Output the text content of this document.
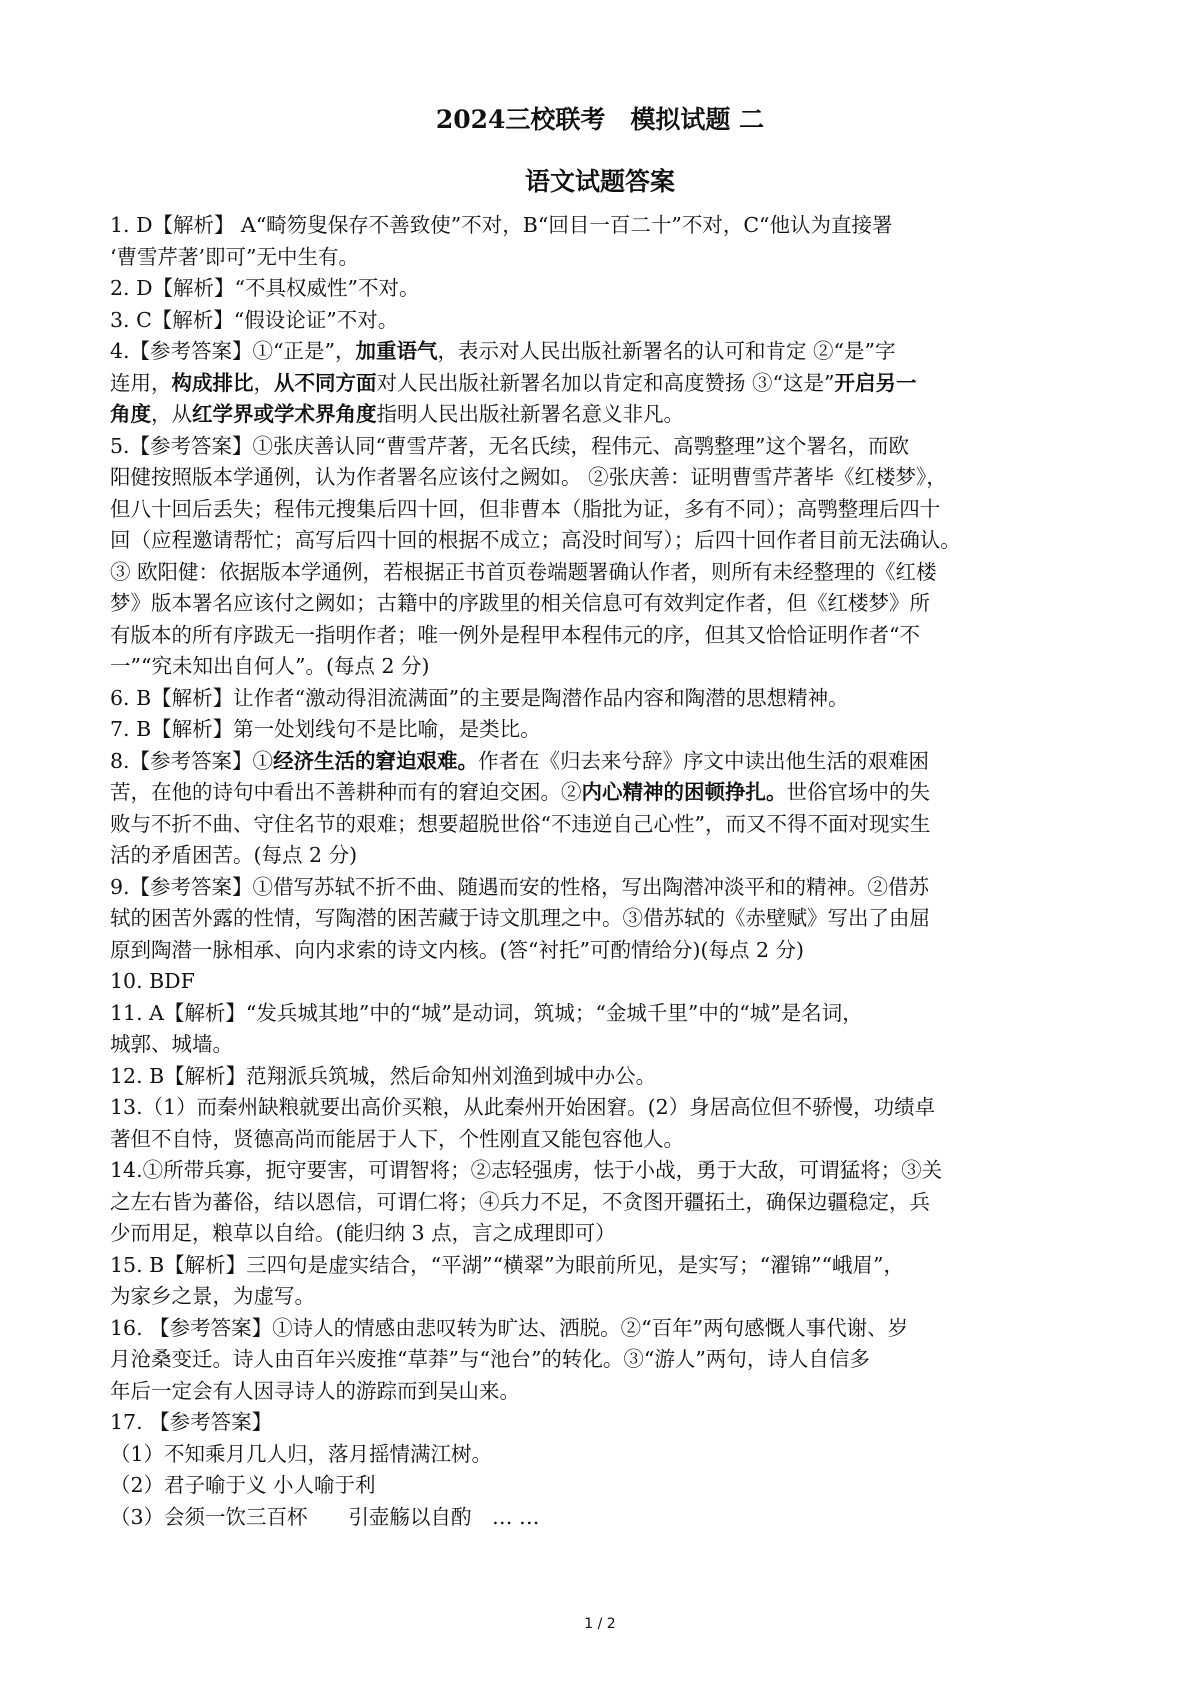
2024三校联考　模拟试题 二
语文试题答案

1. D【解析】 A“畸笏叟保存不善致使”不对，B“回目一百二十”不对，C“他认为直接署

‘曹雪芹著’即可”无中生有。

2. D【解析】“不具权威性”不对。

3. C【解析】“假设论证”不对。

4.【参考答案】①“正是”，加重语气，表示对人民出版社新署名的认可和肯定 ②“是”字

连用，构成排比，从不同方面对人民出版社新署名加以肯定和高度赞扬 ③“这是”开启另一

角度，从红学界或学术界角度指明人民出版社新署名意义非凡。

5.【参考答案】①张庆善认同“曹雪芹著，无名氏续，程伟元、高鹗整理”这个署名，而欧

阳健按照版本学通例，认为作者署名应该付之阙如。 ②张庆善：证明曹雪芹著毕《红楼梦》，

但八十回后丢失；程伟元搜集后四十回，但非曹本（脂批为证，多有不同）；高鹗整理后四十

回（应程邀请帮忙；高写后四十回的根据不成立；高没时间写）；后四十回作者目前无法确认。

③ 欧阳健：依据版本学通例，若根据正书首页卷端题署确认作者，则所有未经整理的《红楼

梦》版本署名应该付之阙如；古籍中的序跋里的相关信息可有效判定作者，但《红楼梦》所

有版本的所有序跋无一指明作者；唯一例外是程甲本程伟元的序，但其又恰恰证明作者“不

一”“究未知出自何人”。(每点 2 分)

6. B【解析】让作者“激动得泪流满面”的主要是陶潜作品内容和陶潜的思想精神。

7. B【解析】第一处划线句不是比喻，是类比。

8.【参考答案】①经济生活的窘迫艰难。作者在《归去来兮辞》序文中读出他生活的艰难困

苦，在他的诗句中看出不善耕种而有的窘迫交困。②内心精神的困顿挣扎。世俗官场中的失

败与不折不曲、守住名节的艰难；想要超脱世俗“不违逆自己心性”，而又不得不面对现实生

活的矛盾困苦。(每点 2 分)

9.【参考答案】①借写苏轼不折不曲、随遇而安的性格，写出陶潜冲淡平和的精神。②借苏

轼的困苦外露的性情，写陶潜的困苦藏于诗文肌理之中。③借苏轼的《赤壁赋》写出了由屈

原到陶潜一脉相承、向内求索的诗文内核。(答“衬托”可酌情给分)(每点 2 分)

10. BDF

11. A【解析】“发兵城其地”中的“城”是动词，筑城；“金城千里”中的“城”是名词，

城郭、城墙。

12. B【解析】范翔派兵筑城，然后命知州刘渔到城中办公。

13.（1）而秦州缺粮就要出高价买粮，从此秦州开始困窘。(2）身居高位但不骄慢，功绩卓

著但不自恃，贤德高尚而能居于人下，个性刚直又能包容他人。

14.①所带兵寡，扼守要害，可谓智将；②志轻强虏，怯于小战，勇于大敌，可谓猛将；③关

之左右皆为蕃俗，结以恩信，可谓仁将；④兵力不足，不贪图开疆拓土，确保边疆稳定，兵

少而用足，粮草以自给。(能归纳 3 点，言之成理即可）

15. B【解析】三四句是虚实结合，“平湖”“横翠”为眼前所见，是实写；“濯锦”“峨眉”，

为家乡之景，为虚写。

16. 【参考答案】①诗人的情感由悲叹转为旷达、洒脱。②“百年”两句感慨人事代谢、岁

月沧桑变迁。诗人由百年兴废推“草莽”与“池台”的转化。③“游人”两句，诗人自信多

年后一定会有人因寻诗人的游踪而到吴山来。

17. 【参考答案】

（1）不知乘月几人归，落月摇情满江树。

（2）君子喻于义 小人喻于利

（3）会须一饮三百杯　　引壶觞以自酌　… …

1 / 2
